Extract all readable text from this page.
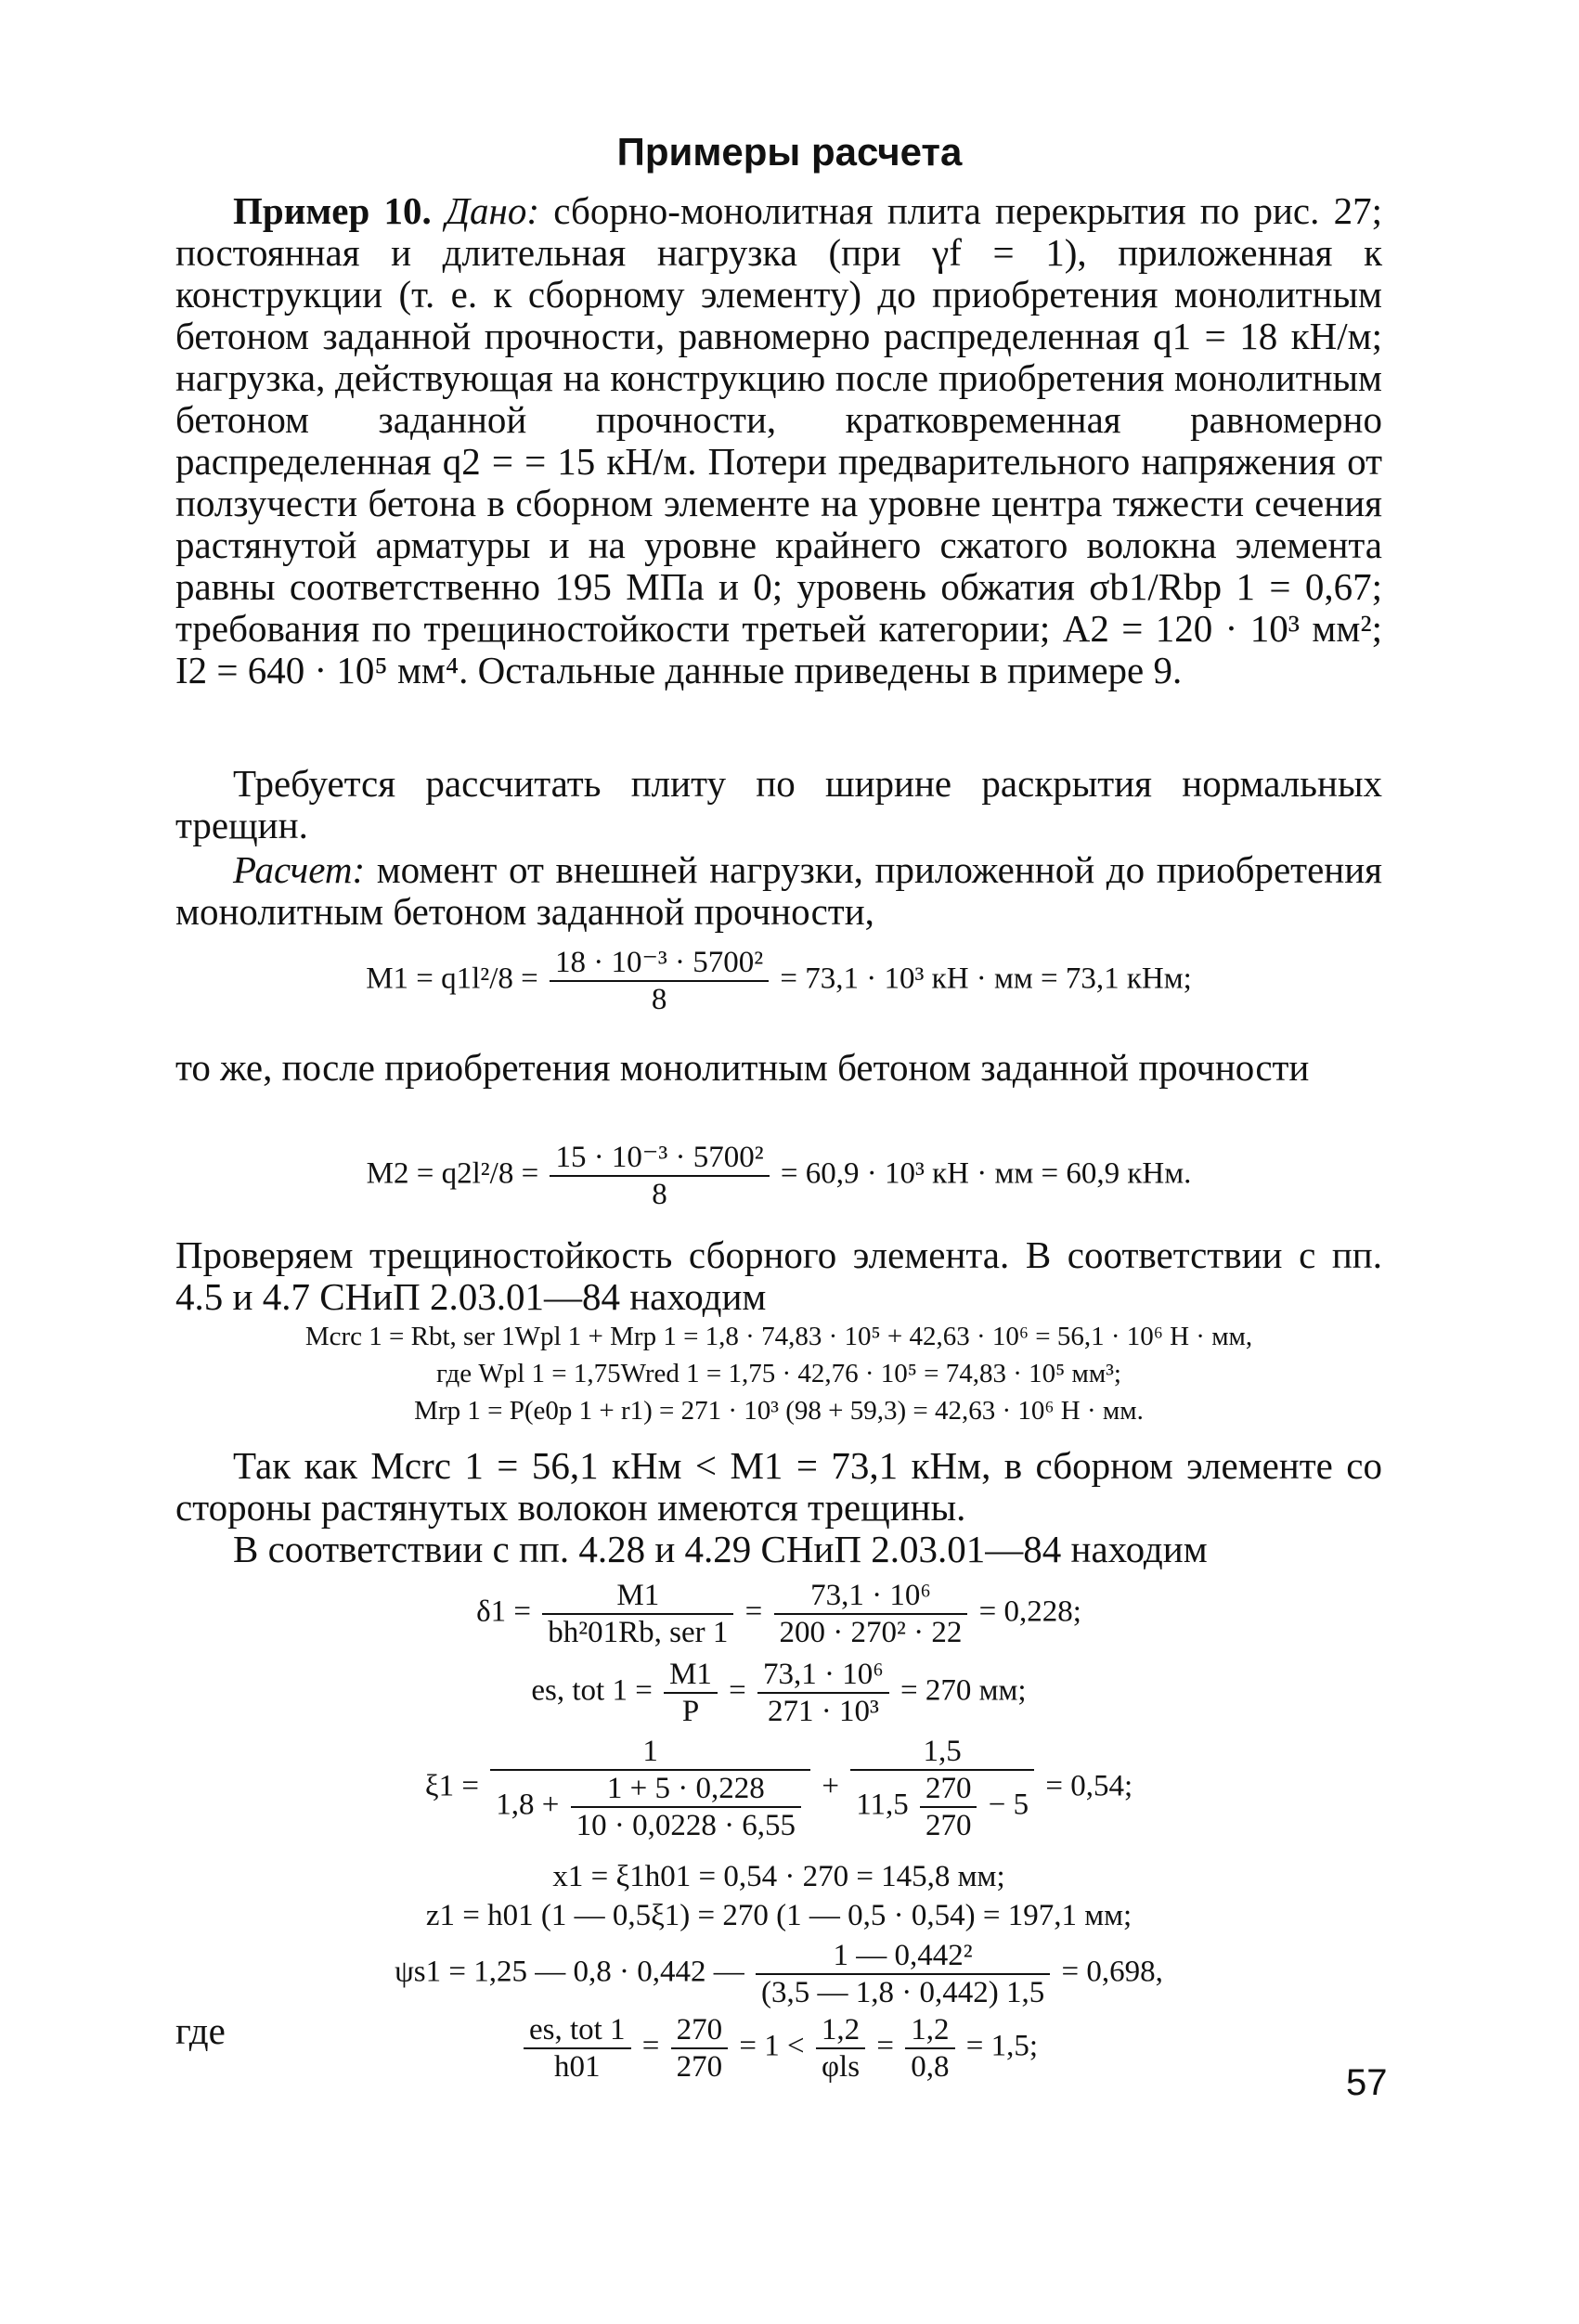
Примеры расчета
Пример 10. Дано: сборно-монолитная плита перекрытия по рис. 27; постоянная и длительная нагрузка (при γf = 1), приложенная к конструкции (т. е. к сборному элементу) до приобретения монолитным бетоном заданной прочности, равномерно распределенная q1 = 18 кН/м; нагрузка, действующая на конструкцию после приобретения монолитным бетоном заданной прочности, кратковременная равномерно распределенная q2 = = 15 кН/м. Потери предварительного напряжения от ползучести бетона в сборном элементе на уровне центра тяжести сечения растянутой арматуры и на уровне крайнего сжатого волокна элемента равны соответственно 195 МПа и 0; уровень обжатия σb1/Rbp 1 = 0,67; требования по трещиностойкости третьей категории; A2 = 120 · 10³ мм²; I2 = 640 · 10⁵ мм⁴. Остальные данные приведены в примере 9.
Требуется рассчитать плиту по ширине раскрытия нормальных трещин.
Расчет: момент от внешней нагрузки, приложенной до приобретения монолитным бетоном заданной прочности,
$M1 = q1l^2/8 = \frac{\text{18 · 10⁻³ · 5700²}}{8} = 73,1 \cdot 10^3$ кН · мм = 73,1 кНм;
то же, после приобретения монолитным бетоном заданной прочности
$M2 = q2l^2/8 = \frac{\text{15 · 10⁻³ · 5700²}}{8} = 60,9 \cdot 10^3$ кН · мм = 60,9 кНм.
Проверяем трещиностойкость сборного элемента. В соответствии с пп. 4.5 и 4.7 СНиП 2.03.01—84 находим
Mcrc 1 = Rbt, ser 1Wpl 1 + Mrp 1 = 1,8 · 74,83 · 10⁵ + 42,63 · 10⁶ = 56,1 · 10⁶ Н · мм,
где Wpl 1 = 1,75Wred 1 = 1,75 · 42,76 · 10⁵ = 74,83 · 10⁵ мм³;
Mrp 1 = P(e0p 1 + r1) = 271 · 10³ (98 + 59,3) = 42,63 · 10⁶ Н · мм.
Так как Mcrc 1 = 56,1 кНм < M1 = 73,1 кНм, в сборном элементе со стороны растянутых волокон имеются трещины.
В соответствии с пп. 4.28 и 4.29 СНиП 2.03.01—84 находим
$\delta 1 = \frac{M1}{\text{bh²01Rb, ser 1}} = \frac{\text{73,1 · 10⁶}}{\text{200 · 270² · 22}} = 0,228$;
es, tot $1 = \frac{M1}{P} = \frac{\text{73,1 · 10⁶}}{\text{271 · 10³}} = 270$ мм;
ξ1 =
1
$1,8 + \frac{1 + 5 \cdot 0,228}{10 \cdot 0,0228 \cdot 6,55}$ +
1,5
$11,5 \frac{270}{270} - 5$
= 0,54;
x1 = ξ1h01 = 0,54 · 270 = 145,8 мм;
z1 = h01 (1 — 0,5ξ1) = 270 (1 — 0,5 · 0,54) = 197,1 мм;
ψs1 = 1,25 — 0,8 · 0,442 — $\frac{\text{1 — 0,442²}}{(3,5 — 1,8 \cdot 0,442) 1,5} = 0,698$,
где	$\frac{\text{es, tot 1}}{h01} = \frac{270}{270} = 1 < \frac{1,2}{\text{φls}} = \frac{1,2}{0,8} = 1,5$;
57
